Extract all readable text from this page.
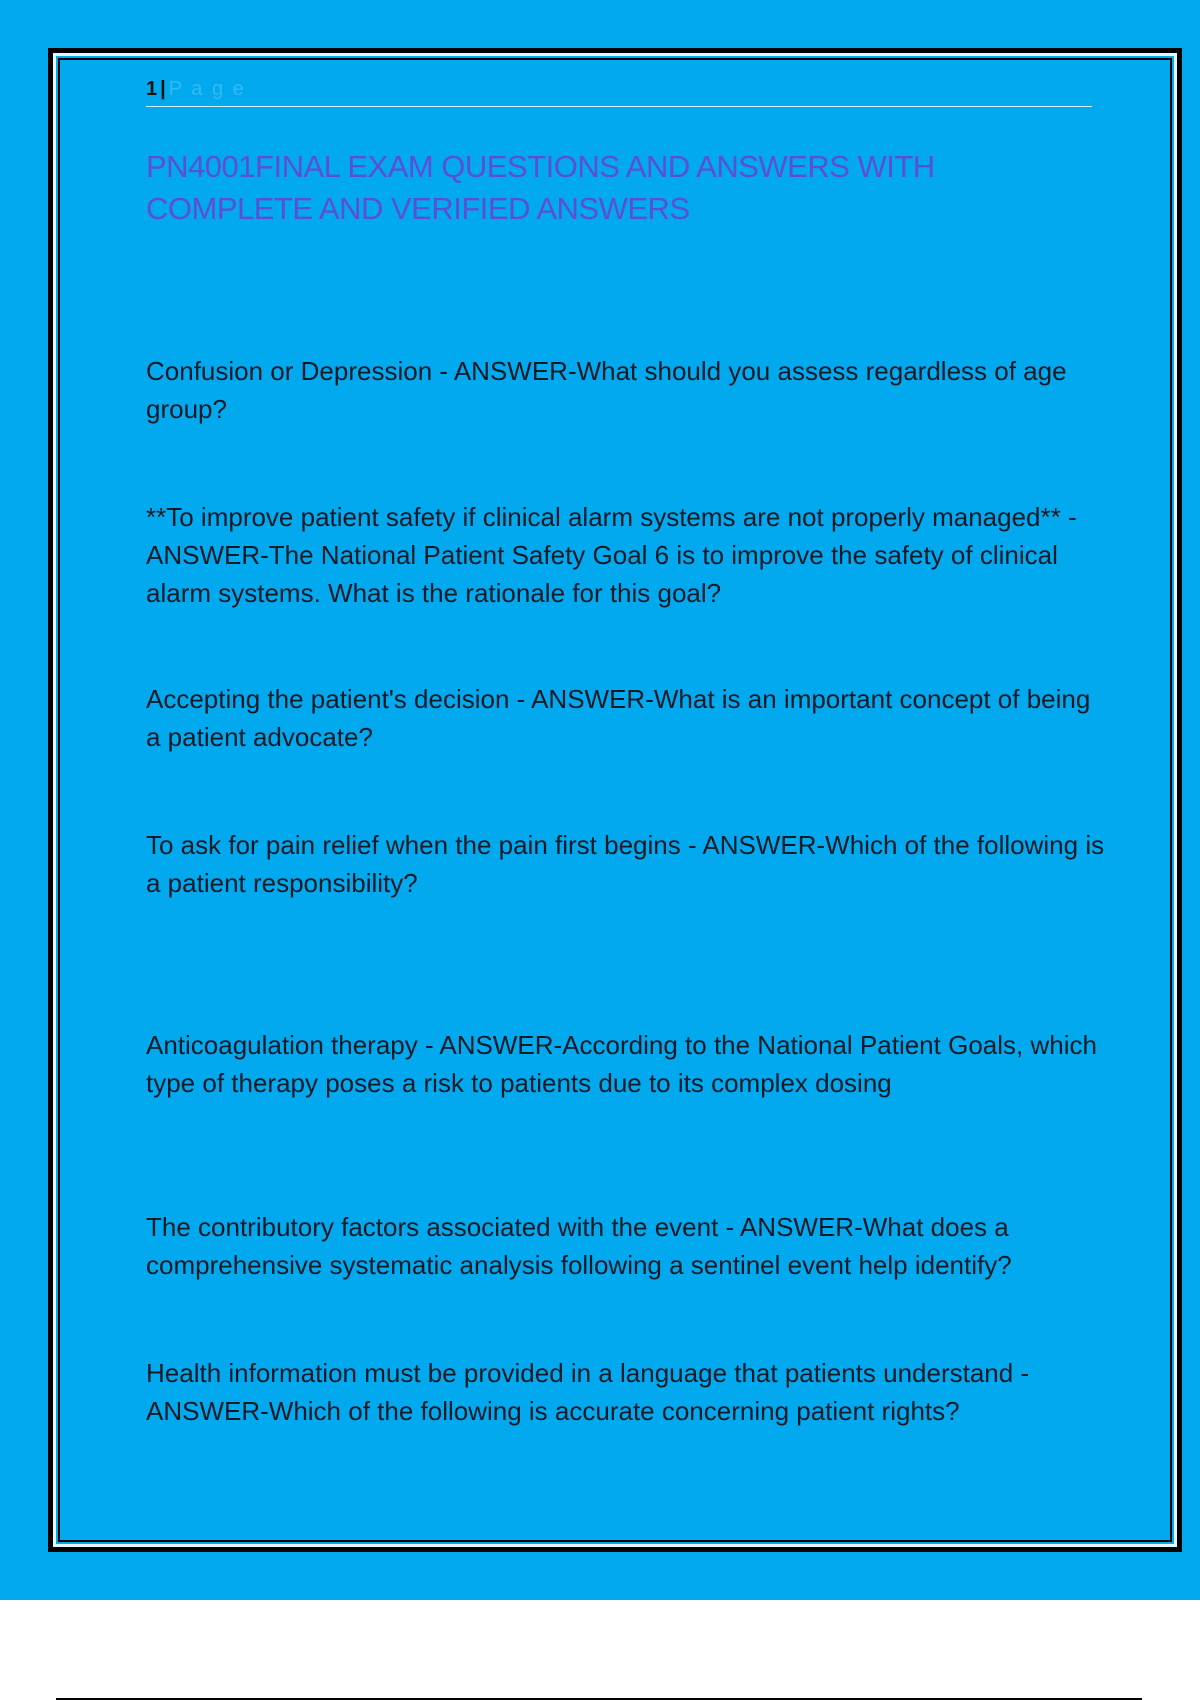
1 | P a g e
PN4001FINAL EXAM QUESTIONS AND ANSWERS WITH COMPLETE AND VERIFIED ANSWERS

Confusion or Depression - ANSWER-What should you assess regardless of age group?

**To improve patient safety if clinical alarm systems are not properly managed** - ANSWER-The National Patient Safety Goal 6 is to improve the safety of clinical alarm systems. What is the rationale for this goal?

Accepting the patient's decision - ANSWER-What is an important concept of being a patient advocate?

To ask for pain relief when the pain first begins - ANSWER-Which of the following is a patient responsibility?

Anticoagulation therapy - ANSWER-According to the National Patient Goals, which type of therapy poses a risk to patients due to its complex dosing

The contributory factors associated with the event - ANSWER-What does a comprehensive systematic analysis following a sentinel event help identify?

Health information must be provided in a language that patients understand - ANSWER-Which of the following is accurate concerning patient rights?
